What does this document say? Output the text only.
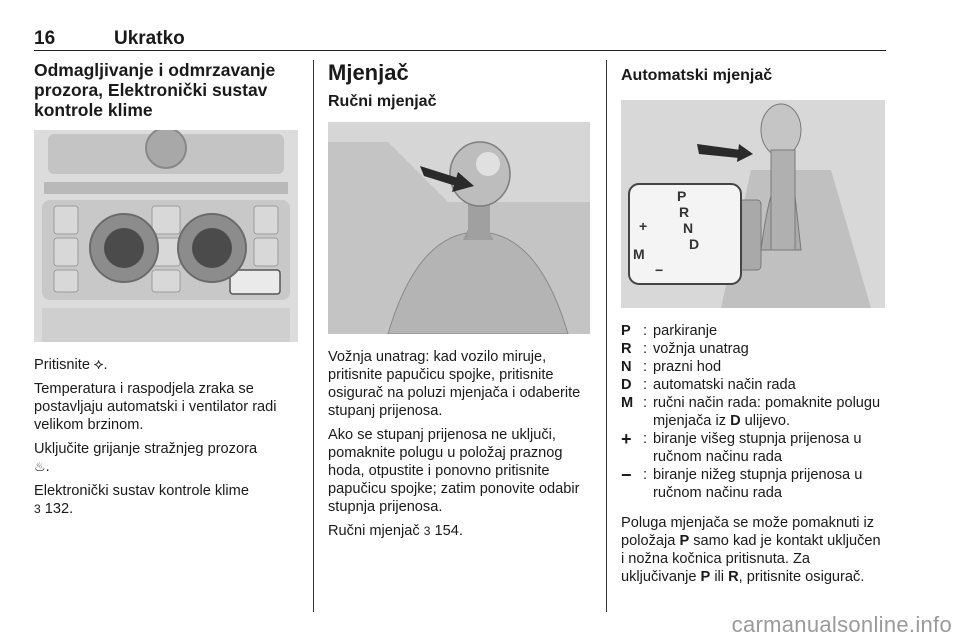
16	Ukratko
Odmagljivanje i odmrzavanje prozora, Elektronički sustav kontrole klime

Pritisnite ⯎.

Temperatura i raspodjela zraka se postavljaju automatski i ventilator radi velikom brzinom.

Uključite grijanje stražnjeg prozora
♨.

Elektronički sustav kontrole klime
3 132.

Mjenjač
Ručni mjenjač

Vožnja unatrag: kad vozilo miruje, pritisnite papučicu spojke, pritisnite osigurač na poluzi mjenjača i odaberite stupanj prijenosa.

Ako se stupanj prijenosa ne uključi, pomaknite polugu u položaj praznog hoda, otpustite i ponovno pritisnite papučicu spojke; zatim ponovite odabir stupnja prijenosa.

Ručni mjenjač 3 154.

Automatski mjenjač
P
R
N
D
M
+
−
P : parkiranje
R : vožnja unatrag
N : prazni hod
D : automatski način rada
M : ručni način rada: pomaknite polugu mjenjača iz D ulijevo.
+ : biranje višeg stupnja prijenosa u ručnom načinu rada
− : biranje nižeg stupnja prijenosa u ručnom načinu rada

Poluga mjenjača se može pomaknuti iz položaja P samo kad je kontakt uključen i nožna kočnica pritisnuta. Za uključivanje P ili R, pritisnite osigurač.

carmanualsonline.info
